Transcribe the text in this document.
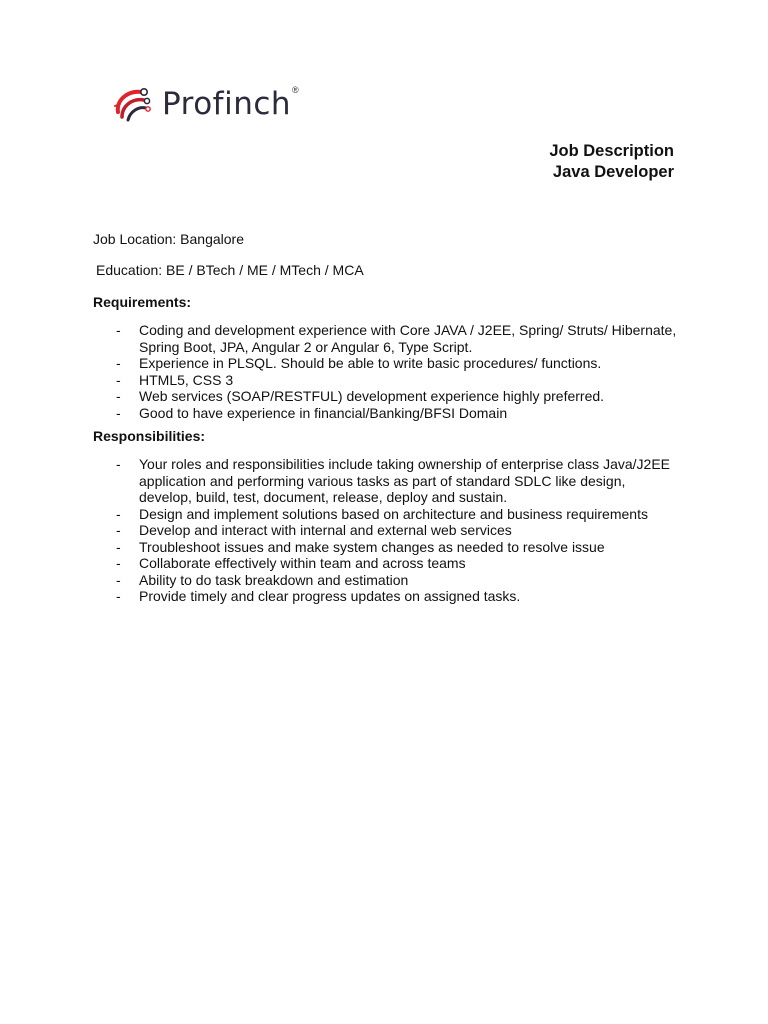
Profinch ®
Job Description
Java Developer
Job Location: Bangalore
Education: BE / BTech / ME / MTech / MCA
Requirements:
- Coding and development experience with Core JAVA / J2EE, Spring/ Struts/ Hibernate, Spring Boot, JPA, Angular 2 or Angular 6, Type Script.
- Experience in PLSQL. Should be able to write basic procedures/ functions.
- HTML5, CSS 3
- Web services (SOAP/RESTFUL) development experience highly preferred.
- Good to have experience in financial/Banking/BFSI Domain
Responsibilities:
- Your roles and responsibilities include taking ownership of enterprise class Java/J2EE application and performing various tasks as part of standard SDLC like design, develop, build, test, document, release, deploy and sustain.
- Design and implement solutions based on architecture and business requirements
- Develop and interact with internal and external web services
- Troubleshoot issues and make system changes as needed to resolve issue
- Collaborate effectively within team and across teams
- Ability to do task breakdown and estimation
- Provide timely and clear progress updates on assigned tasks.
